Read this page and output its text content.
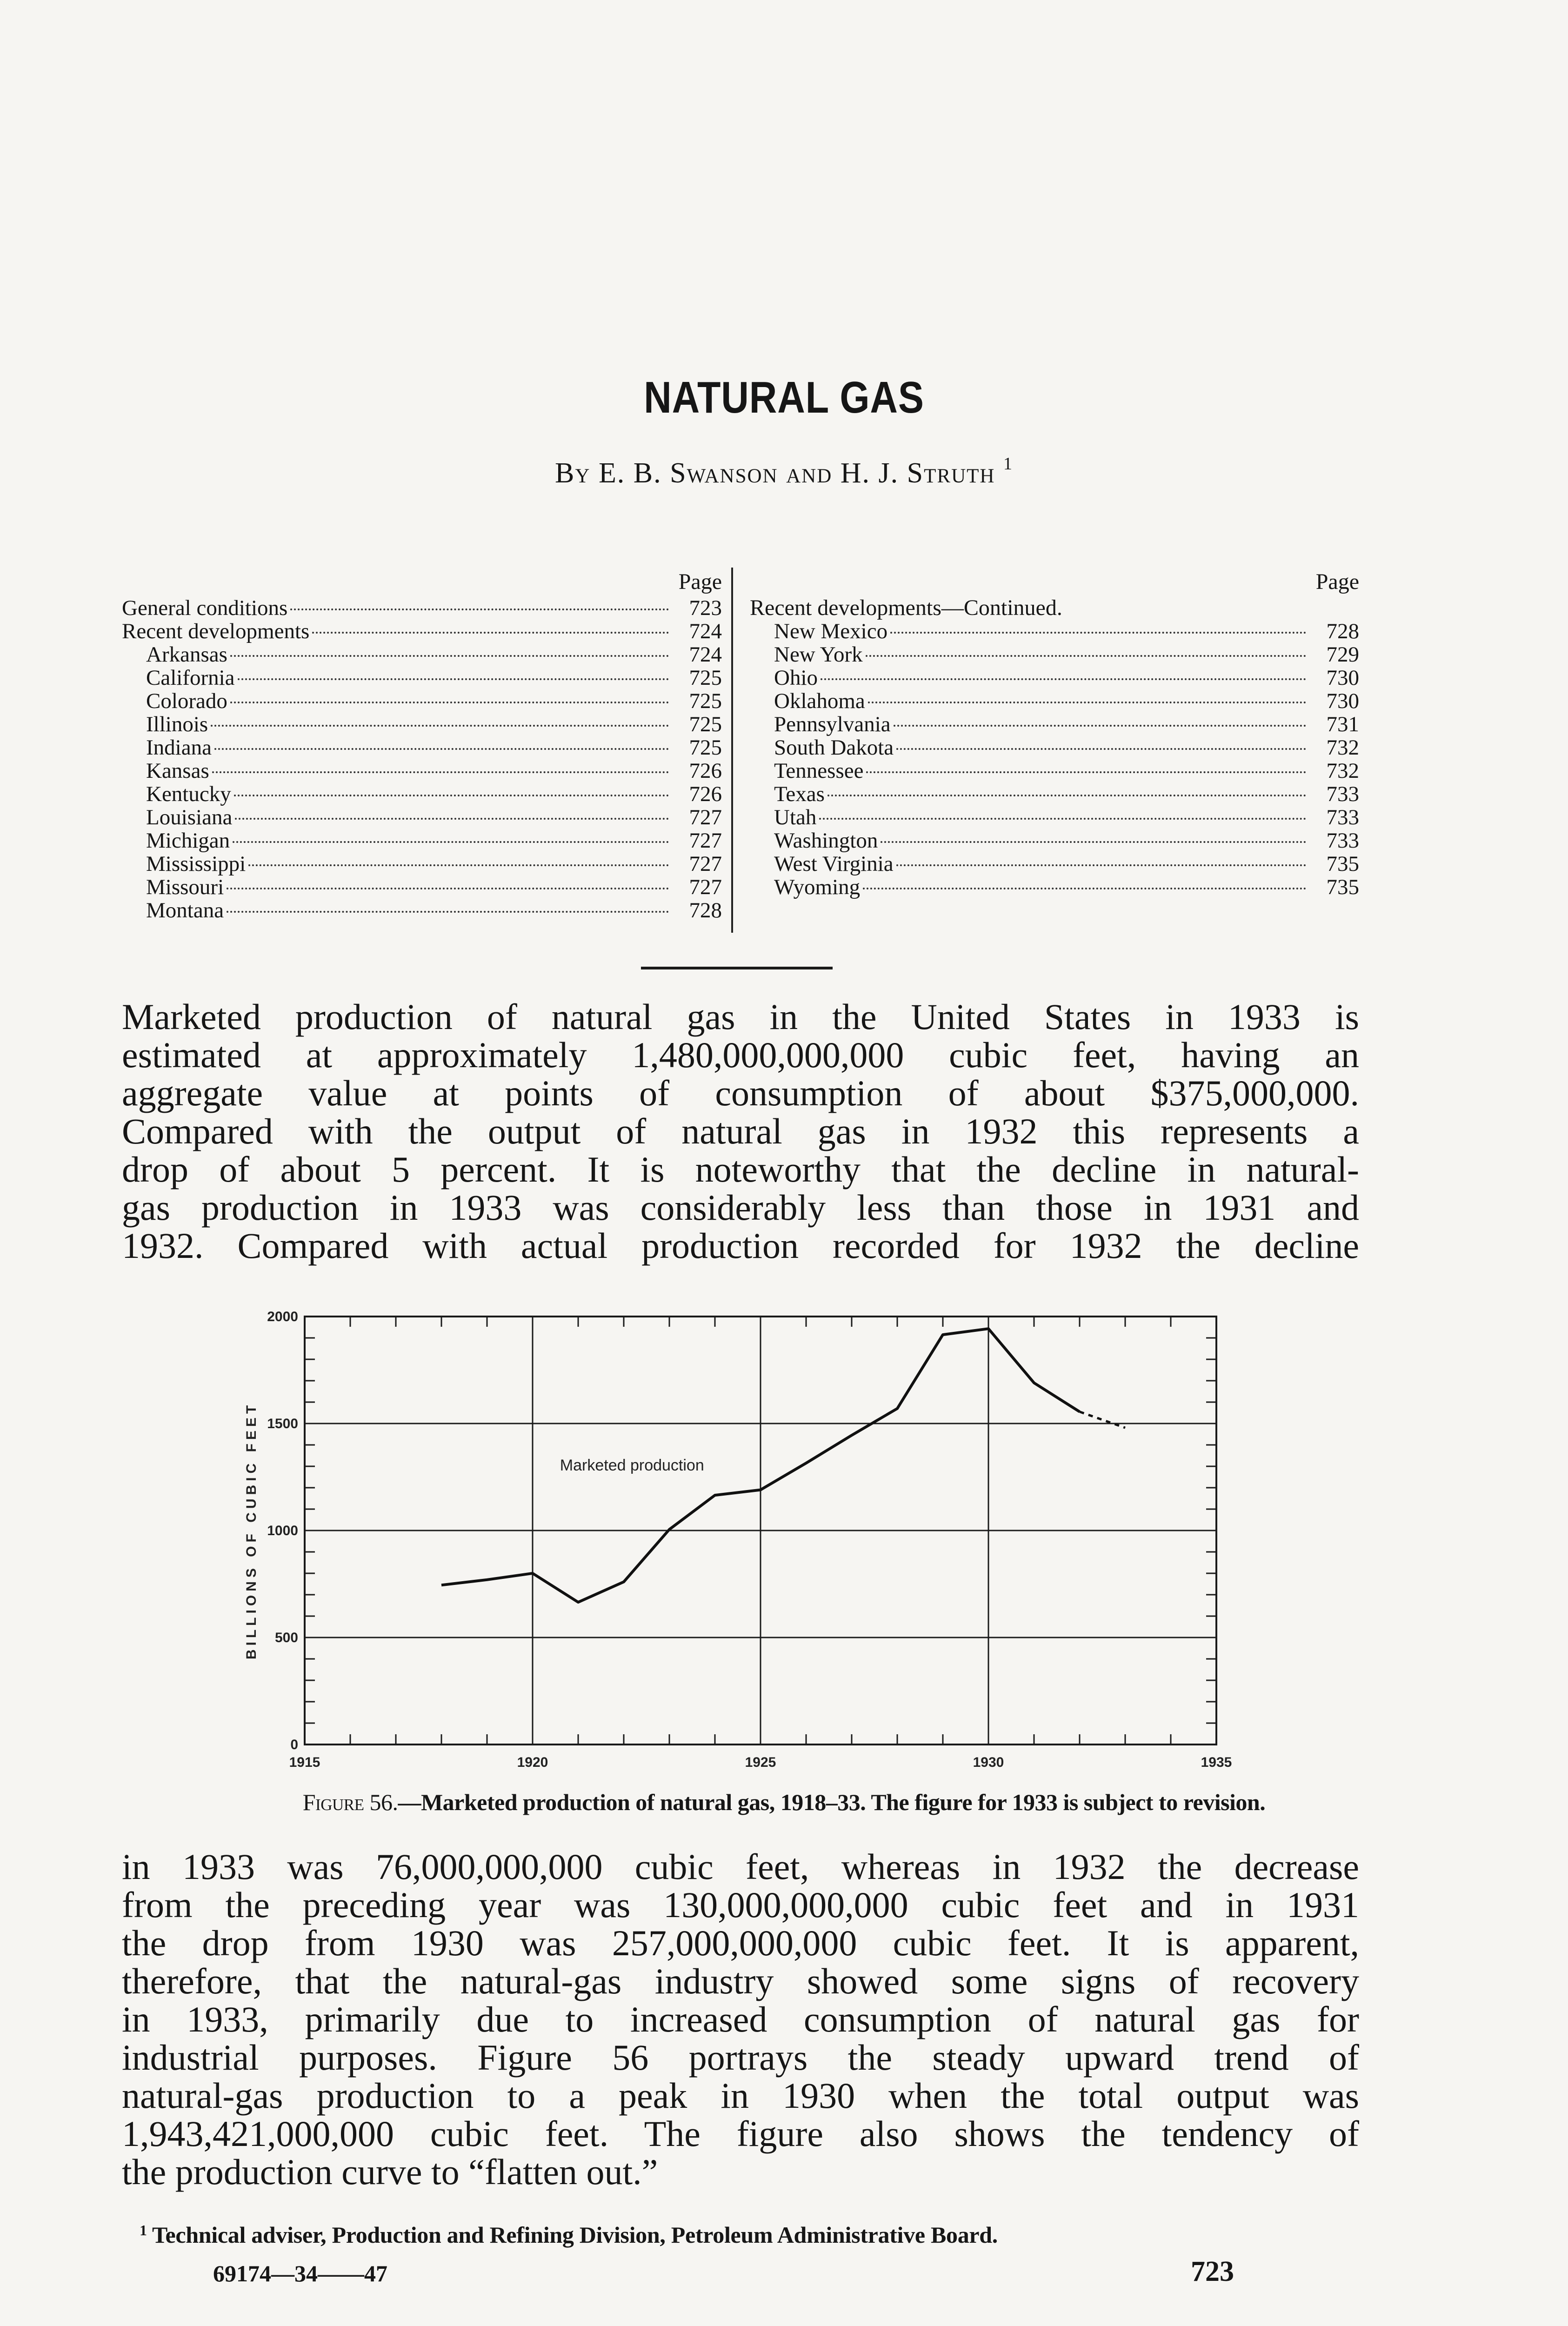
NATURAL GAS
By E. B. Swanson and H. J. Struth $^1$
Page
General conditions	723
Recent developments	724
Arkansas	724
California	725
Colorado	725
Illinois	725
Indiana	725
Kansas	726
Kentucky	726
Louisiana	727
Michigan	727
Mississippi	727
Missouri	727
Montana	728
Page
Recent developments—Continued.
New Mexico	728
New York	729
Ohio	730
Oklahoma	730
Pennsylvania	731
South Dakota	732
Tennessee	732
Texas	733
Utah	733
Washington	733
West Virginia	735
Wyoming	735

Marketed production of natural gas in the United States in 1933 is
estimated at approximately 1,480,000,000,000 cubic feet, having an
aggregate value at points of consumption of about $375,000,000.
Compared with the output of natural gas in 1932 this represents a
drop of about 5 percent. It is noteworthy that the decline in natural-
gas production in 1933 was considerably less than those in 1931 and
1932. Compared with actual production recorded for 1932 the decline

0
500
1000
1500
2000
1915	1920	1925	1930	1935
BILLIONS OF CUBIC FEET	Marketed production
Figure 56.—Marketed production of natural gas, 1918–33. The figure for 1933 is subject to revision.

in 1933 was 76,000,000,000 cubic feet, whereas in 1932 the decrease
from the preceding year was 130,000,000,000 cubic feet and in 1931
the drop from 1930 was 257,000,000,000 cubic feet. It is apparent,
therefore, that the natural-gas industry showed some signs of recovery
in 1933, primarily due to increased consumption of natural gas for
industrial purposes. Figure 56 portrays the steady upward trend of
natural-gas production to a peak in 1930 when the total output was
1,943,421,000,000 cubic feet. The figure also shows the tendency of
the production curve to “flatten out.”

$^1$ Technical adviser, Production and Refining Division, Petroleum Administrative Board.
69174—34——47	723
